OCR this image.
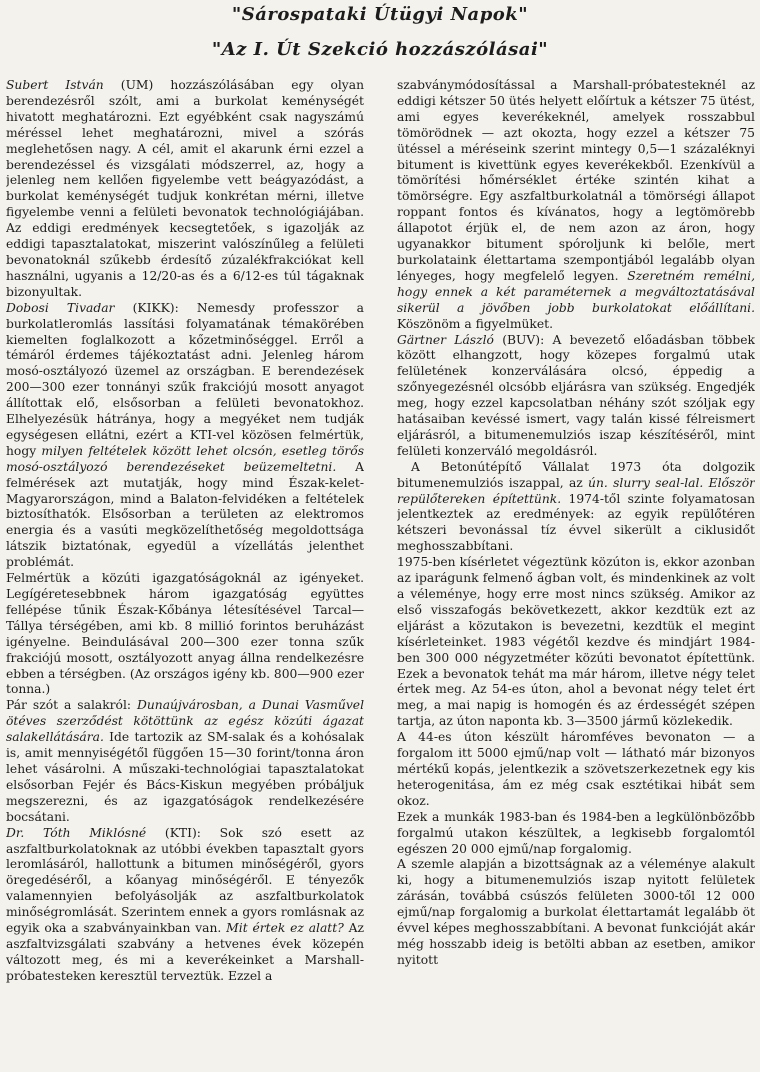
"Sárospataki Útügyi Napok"
"Az I. Út Szekció hozzászólásai"

Subert István (UM) hozzászólásában egy olyan berendezésről szólt, ami a burkolat keménységét hivatott meghatározni. Ezt egyébként csak nagyszámú méréssel lehet meghatározni, mivel a szórás meglehetősen nagy. A cél, amit el akarunk érni ezzel a berendezéssel és vizsgálati módszerrel, az, hogy a jelenleg nem kellően figyelembe vett beágyazódást, a burkolat keménységét tudjuk konkrétan mérni, illetve figyelembe venni a felületi bevonatok technológiájában. Az eddigi eredmények kecsegtetőek, s igazolják az eddigi tapasztalatokat, miszerint valószínűleg a felületi bevonatoknál szűkebb érdesítő zúzalékfrakciókat kell használni, ugyanis a 12/20-as és a 6/12-es túl tágaknak bizonyultak.

Dobosi Tivadar (KIKK): Nemesdy professzor a burkolatleromlás lassítási folyamatának témakörében kiemelten foglalkozott a kőzetminőséggel. Erről a témáról érdemes tájékoztatást adni. Jelenleg három mosó-osztályozó üzemel az országban. E berendezések 200—300 ezer tonnányi szűk frakciójú mosott anyagot állítottak elő, elsősorban a felületi bevonatokhoz. Elhelyezésük hátránya, hogy a megyéket nem tudják egységesen ellátni, ezért a KTI-vel közösen felmértük, hogy milyen feltételek között lehet olcsón, esetleg törős mosó-osztályozó berendezéseket beüzemeltetni. A felmérések azt mutatják, hogy mind Észak-kelet-Magyarországon, mind a Balaton-felvidéken a feltételek biztosíthatók. Elsősorban a területen az elektromos energia és a vasúti megközelíthetőség megoldottsága látszik biztatónak, egyedül a vízellátás jelenthet problémát.

Felmértük a közúti igazgatóságoknál az igényeket. Legígéretesebbnek három igazgatóság együttes fellépése tűnik Észak-Kőbánya létesítésével Tarcal—Tállya térségében, ami kb. 8 millió forintos beruházást igényelne. Beindulásával 200—300 ezer tonna szűk frakciójú mosott, osztályozott anyag állna rendelkezésre ebben a térségben. (Az országos igény kb. 800—900 ezer tonna.)

Pár szót a salakról: Dunaújvárosban, a Dunai Vasművel ötéves szerződést kötöttünk az egész közúti ágazat salakellátására. Ide tartozik az SM-salak és a kohósalak is, amit mennyiségétől függően 15—30 forint/tonna áron lehet vásárolni. A műszaki-technológiai tapasztalatokat elsősorban Fejér és Bács-Kiskun megyében próbáljuk megszerezni, és az igazgatóságok rendelkezésére bocsátani.

Dr. Tóth Miklósné (KTI): Sok szó esett az aszfaltburkolatoknak az utóbbi években tapasztalt gyors leromlásáról, hallottunk a bitumen minőségéről, gyors öregedéséről, a kőanyag minőségéről. E tényezők valamennyien befolyásolják az aszfaltburkolatok minőségromlását. Szerintem ennek a gyors romlásnak az egyik oka a szabványainkban van. Mit értek ez alatt? Az aszfaltvizsgálati szabvány a hetvenes évek közepén változott meg, és mi a keverékeinket a Marshall-próbatesteken keresztül terveztük. Ezzel a

szabványmódosítással a Marshall-próbatesteknél az eddigi kétszer 50 ütés helyett előírtuk a kétszer 75 ütést, ami egyes keverékeknél, amelyek rosszabbul tömörödnek — azt okozta, hogy ezzel a kétszer 75 ütéssel a méréseink szerint mintegy 0,5—1 százaléknyi bitument is kivettünk egyes keverékekből. Ezenkívül a tömörítési hőmérséklet értéke szintén kihat a tömörségre. Egy aszfaltburkolatnál a tömörségi állapot roppant fontos és kívánatos, hogy a legtömörebb állapotot érjük el, de nem azon az áron, hogy ugyanakkor bitument spóroljunk ki belőle, mert burkolataink élettartama szempontjából legalább olyan lényeges, hogy megfelelő legyen. Szeretném remélni, hogy ennek a két paraméternek a megváltoztatásával sikerül a jövőben jobb burkolatokat előállítani. Köszönöm a figyelmüket.

Gärtner László (BUV): A bevezető előadásban többek között elhangzott, hogy közepes forgalmú utak felületének konzerválására olcsó, éppedig a szőnyegezésnél olcsóbb eljárásra van szükség. Engedjék meg, hogy ezzel kapcsolatban néhány szót szóljak egy hatásaiban kevéssé ismert, vagy talán kissé félreismert eljárásról, a bitumenemulziós iszap készítéséről, mint felületi konzerváló megoldásról.

A Betonútépítő Vállalat 1973 óta dolgozik bitumenemulziós iszappal, az ún. slurry seal-lal. Először repülőtereken építettünk. 1974-től szinte folyamatosan jelentkeztek az eredmények: az egyik repülőtéren kétszeri bevonással tíz évvel sikerült a ciklusidőt meghosszabbítani.

1975-ben kísérletet végeztünk közúton is, ekkor azonban az iparágunk felmenő ágban volt, és mindenkinek az volt a véleménye, hogy erre most nincs szükség. Amikor az első visszafogás bekövetkezett, akkor kezdtük ezt az eljárást a közutakon is bevezetni, kezdtük el megint kísérleteinket. 1983 végétől kezdve és mindjárt 1984-ben 300 000 négyzetméter közúti bevonatot építettünk. Ezek a bevonatok tehát ma már három, illetve négy telet értek meg. Az 54-es úton, ahol a bevonat négy telet ért meg, a mai napig is homogén és az érdességét szépen tartja, az úton naponta kb. 3—3500 jármű közlekedik.

A 44-es úton készült háromféves bevonaton — a forgalom itt 5000 ejmű/nap volt — látható már bizonyos mértékű kopás, jelentkezik a szövetszerkezetnek egy kis heterogenitása, ám ez még csak esztétikai hibát sem okoz.

Ezek a munkák 1983-ban és 1984-ben a legkülönbözőbb forgalmú utakon készültek, a legkisebb forgalomtól egészen 20 000 ejmű/nap forgalomig.

A szemle alapján a bizottságnak az a véleménye alakult ki, hogy a bitumenemulziós iszap nyitott felületek zárásán, továbbá csúszós felületen 3000-től 12 000 ejmű/nap forgalomig a burkolat élettartamát legalább öt évvel képes meghosszabbítani. A bevonat funkcióját akár még hosszabb ideig is betölti abban az esetben, amikor nyitott
